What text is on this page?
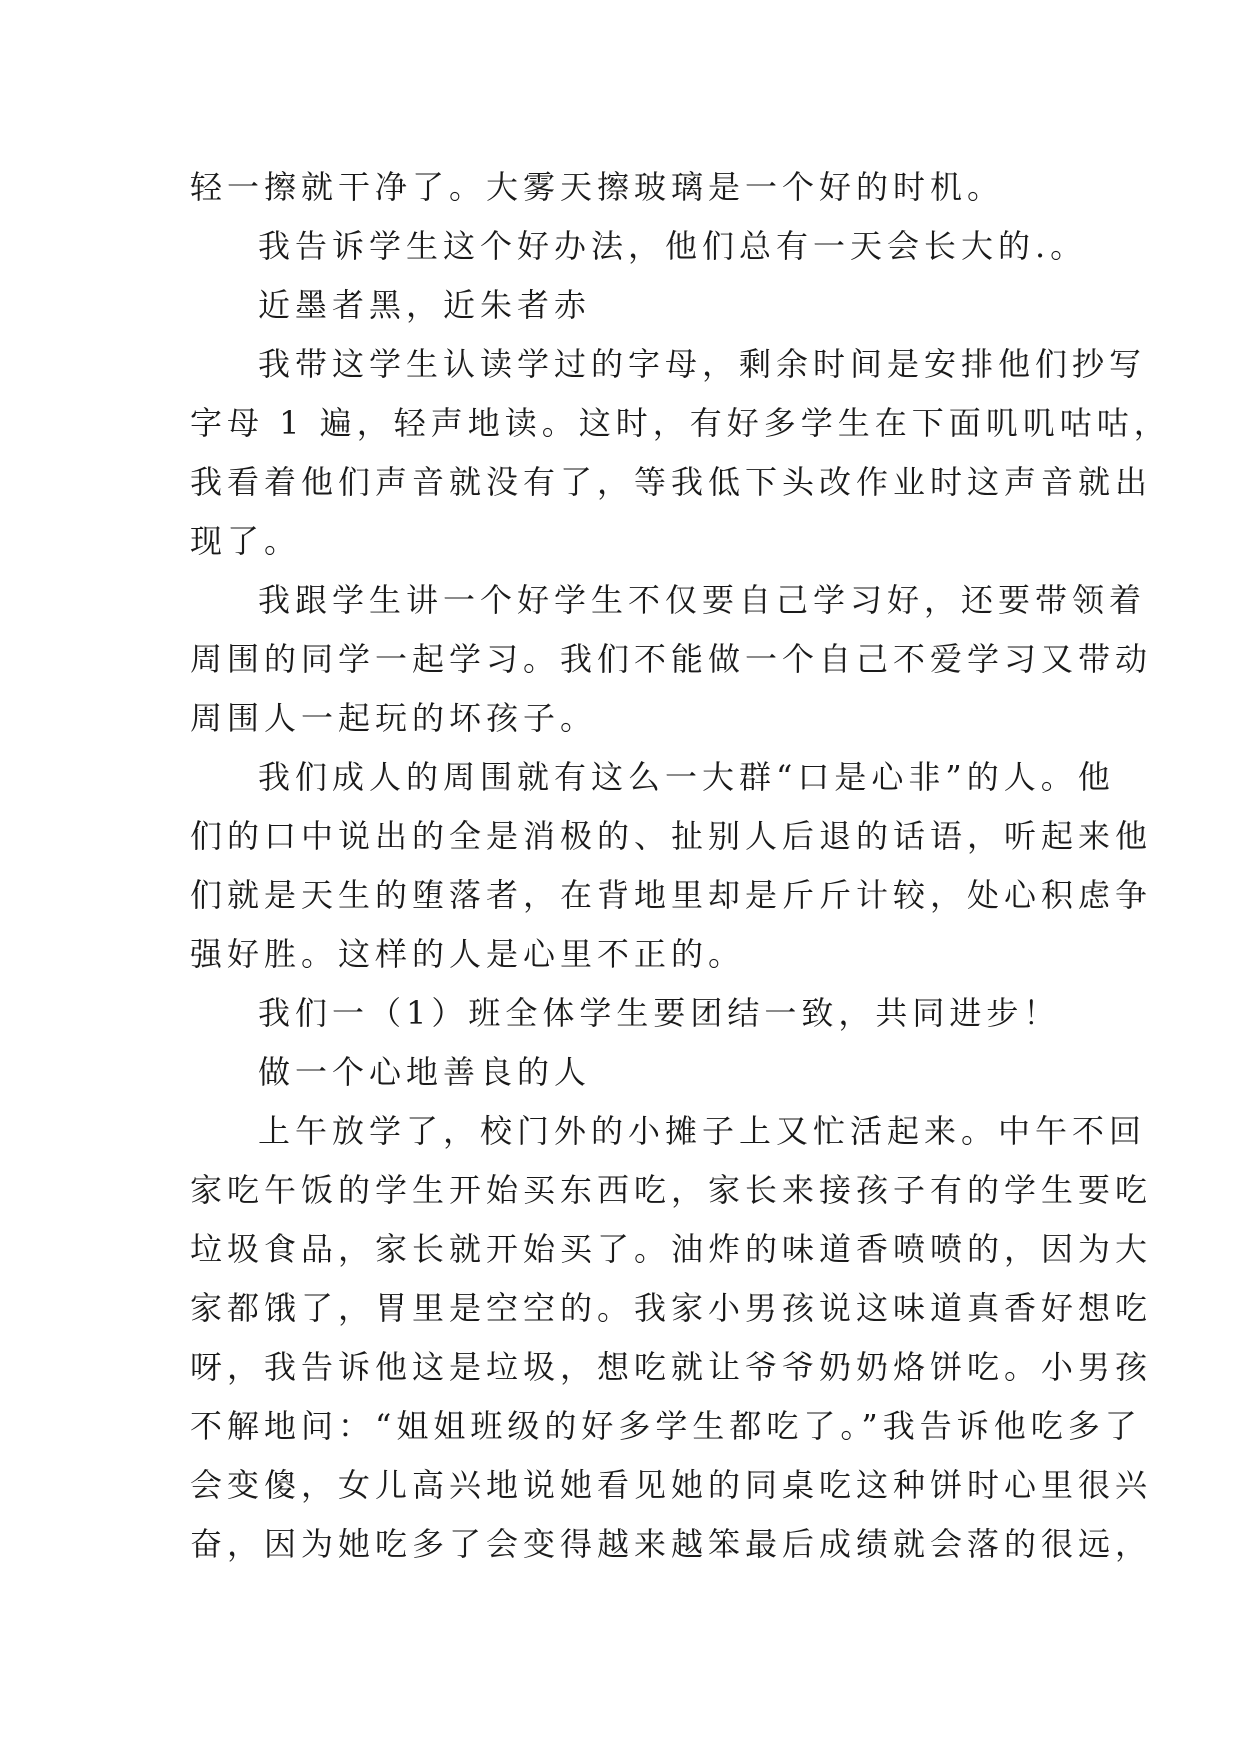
轻一擦就干净了。大雾天擦玻璃是一个好的时机。
我告诉学生这个好办法，他们总有一天会长大的.。
近墨者黑，近朱者赤
我带这学生认读学过的字母，剩余时间是安排他们抄写
字母 1 遍，轻声地读。这时，有好多学生在下面叽叽咕咕，
我看着他们声音就没有了，等我低下头改作业时这声音就出
现了。
我跟学生讲一个好学生不仅要自己学习好，还要带领着
周围的同学一起学习。我们不能做一个自己不爱学习又带动
周围人一起玩的坏孩子。
我们成人的周围就有这么一大群“口是心非”的人。他
们的口中说出的全是消极的、扯别人后退的话语，听起来他
们就是天生的堕落者，在背地里却是斤斤计较，处心积虑争
强好胜。这样的人是心里不正的。
我们一（1）班全体学生要团结一致，共同进步！
做一个心地善良的人
上午放学了，校门外的小摊子上又忙活起来。中午不回
家吃午饭的学生开始买东西吃，家长来接孩子有的学生要吃
垃圾食品，家长就开始买了。油炸的味道香喷喷的，因为大
家都饿了，胃里是空空的。我家小男孩说这味道真香好想吃
呀，我告诉他这是垃圾，想吃就让爷爷奶奶烙饼吃。小男孩
不解地问：“姐姐班级的好多学生都吃了。”我告诉他吃多了
会变傻，女儿高兴地说她看见她的同桌吃这种饼时心里很兴
奋，因为她吃多了会变得越来越笨最后成绩就会落的很远，
